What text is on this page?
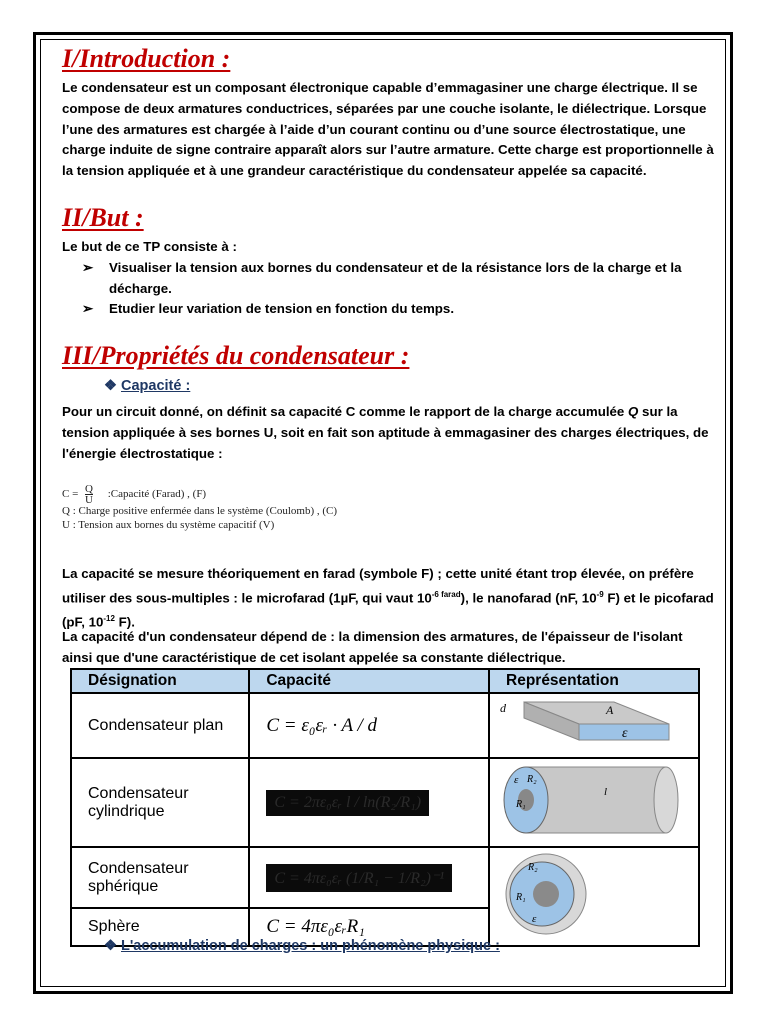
I/Introduction :
Le condensateur est un composant électronique capable d’emmagasiner une charge électrique. Il se compose de deux armatures conductrices, séparées par une couche isolante, le diélectrique. Lorsque l’une des armatures est chargée à l’aide d’un courant continu ou d’une source électrostatique, une charge induite de signe contraire apparaît alors sur l’autre armature. Cette charge est proportionnelle à la tension appliquée et à une grandeur caractéristique du condensateur appelée sa capacité.
II/But :
Le but de ce TP consiste à :
➢ Visualiser la tension aux bornes du condensateur et de la résistance lors de la charge et la décharge.
➢ Etudier leur variation de tension en fonction du temps.
III/Propriétés du condensateur :
❖ Capacité :
Pour un circuit donné, on définit sa capacité C comme le rapport de la charge accumulée Q sur la tension appliquée à ses bornes U, soit en fait son aptitude à emmagasiner des charges électriques, de l'énergie électrostatique :
$C = \frac{Q}{U}$ :Capacité (Farad) , (F)
Q : Charge positive enfermée dans le système (Coulomb) , (C)
U : Tension aux bornes du système capacitif (V)
La capacité se mesure théoriquement en farad (symbole F) ; cette unité étant trop élevée, on préfère utiliser des sous-multiples : le microfarad (1µF, qui vaut $10^{-6 farad}$), le nanofarad (nF, $10^{-9}$ F) et le picofarad (pF, $10^{-12}$ F).
La capacité d'un condensateur dépend de : la dimension des armatures, de l'épaisseur de l'isolant ainsi que d'une caractéristique de cet isolant appelée sa constante diélectrique.
Désignation	Capacité	Représentation
Condensateur plan	C = ε₀εᵣ · A / d	d A
ε

Condensateur cylindrique	C = 2πε₀εᵣ l / ln(R₂/R₁)	ε R₂
R₁
l

Condensateur sphérique	C = 4πε₀εᵣ (1/R₁ − 1/R₂)⁻¹	R₂
R₁
ε

Sphère	C = 4πε₀εᵣR₁	
❖ L'accumulation de charges : un phénomène physique :
